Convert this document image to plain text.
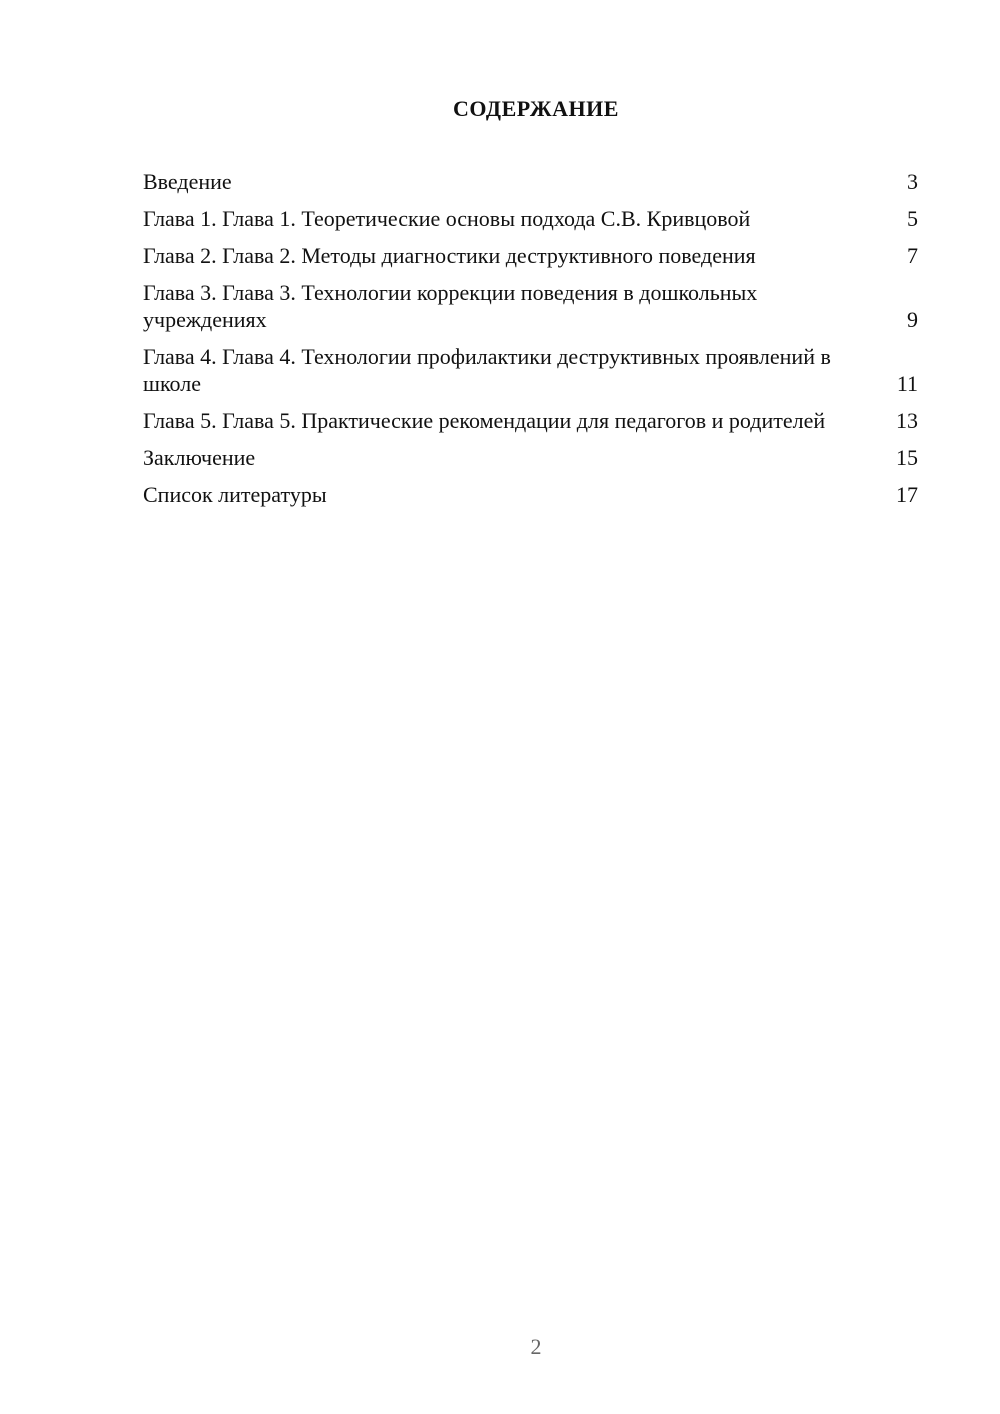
СОДЕРЖАНИЕ
Введение	3
Глава 1. Глава 1. Теоретические основы подхода С.В. Кривцовой	5
Глава 2. Глава 2. Методы диагностики деструктивного поведения	7
Глава 3. Глава 3. Технологии коррекции поведения в дошкольных учреждениях	9
Глава 4. Глава 4. Технологии профилактики деструктивных проявлений в школе	11
Глава 5. Глава 5. Практические рекомендации для педагогов и родителей	13
Заключение	15
Список литературы	17
2
